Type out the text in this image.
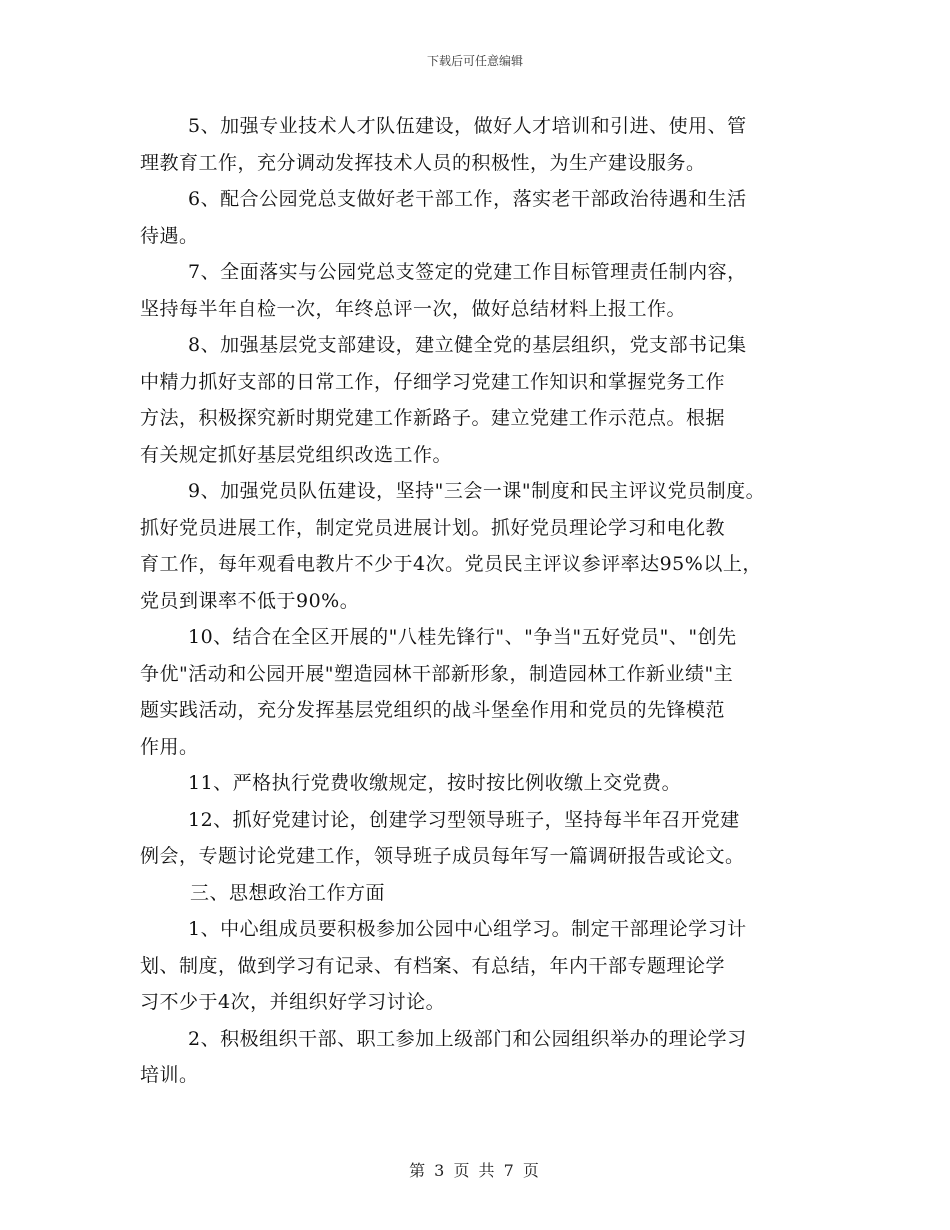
下载后可任意编辑
5、加强专业技术人才队伍建设，做好人才培训和引进、使用、管
理教育工作，充分调动发挥技术人员的积极性，为生产建设服务。
6、配合公园党总支做好老干部工作，落实老干部政治待遇和生活
待遇。
7、全面落实与公园党总支签定的党建工作目标管理责任制内容，
坚持每半年自检一次，年终总评一次，做好总结材料上报工作。
8、加强基层党支部建设，建立健全党的基层组织，党支部书记集
中精力抓好支部的日常工作，仔细学习党建工作知识和掌握党务工作
方法，积极探究新时期党建工作新路子。建立党建工作示范点。根据
有关规定抓好基层党组织改选工作。
9、加强党员队伍建设，坚持"三会一课"制度和民主评议党员制度。
抓好党员进展工作，制定党员进展计划。抓好党员理论学习和电化教
育工作，每年观看电教片不少于4次。党员民主评议参评率达95%以上，
党员到课率不低于90%。
10、结合在全区开展的"八桂先锋行"、"争当"五好党员"、"创先
争优"活动和公园开展"塑造园林干部新形象，制造园林工作新业绩"主
题实践活动，充分发挥基层党组织的战斗堡垒作用和党员的先锋模范
作用。
11、严格执行党费收缴规定，按时按比例收缴上交党费。
12、抓好党建讨论，创建学习型领导班子，坚持每半年召开党建
例会，专题讨论党建工作，领导班子成员每年写一篇调研报告或论文。
三、思想政治工作方面
1、中心组成员要积极参加公园中心组学习。制定干部理论学习计
划、制度，做到学习有记录、有档案、有总结，年内干部专题理论学
习不少于4次，并组织好学习讨论。
2、积极组织干部、职工参加上级部门和公园组织举办的理论学习
培训。
第 3 页 共 7 页
